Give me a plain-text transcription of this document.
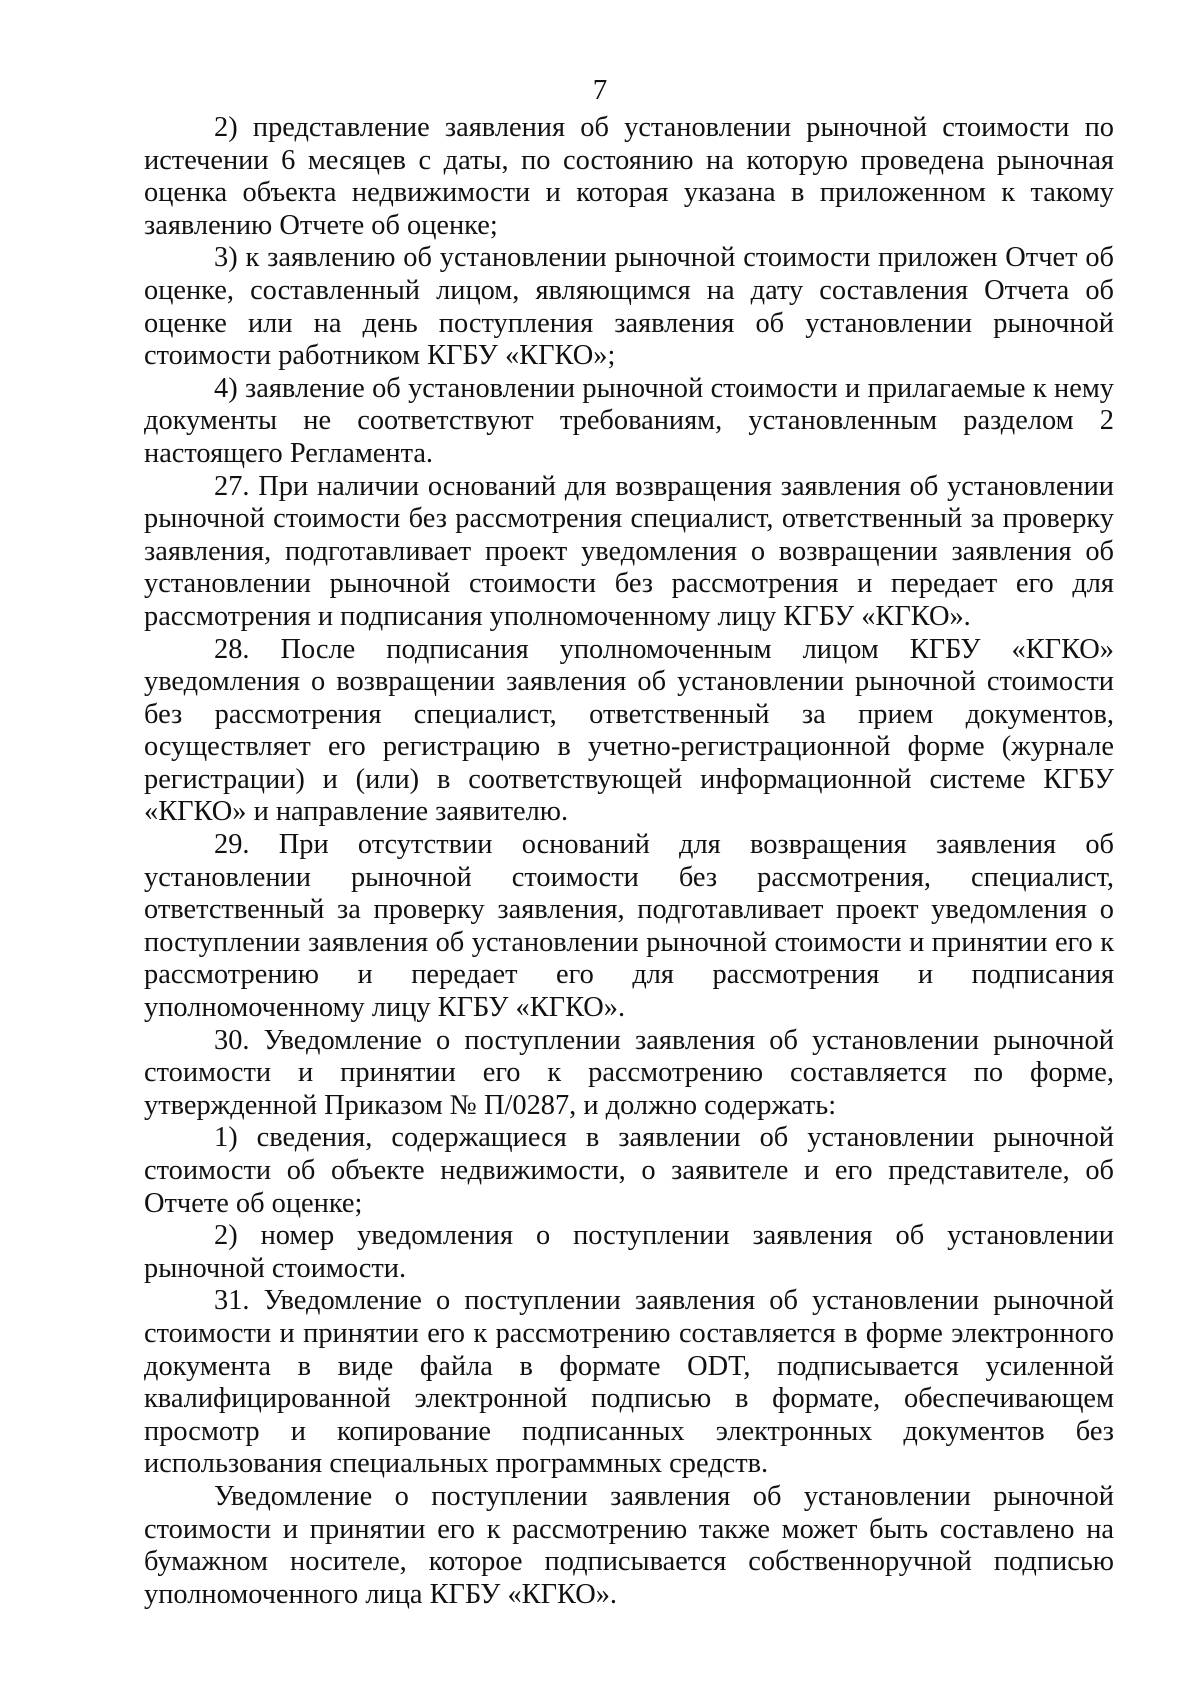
7

2) представление заявления об установлении рыночной стоимости по истечении 6 месяцев с даты, по состоянию на которую проведена рыночная оценка объекта недвижимости и которая указана в приложенном к такому заявлению Отчете об оценке;

3) к заявлению об установлении рыночной стоимости приложен Отчет об оценке, составленный лицом, являющимся на дату составления Отчета об оценке или на день поступления заявления об установлении рыночной стоимости работником КГБУ «КГКО»;

4) заявление об установлении рыночной стоимости и прилагаемые к нему документы не соответствуют требованиям, установленным разделом 2 настоящего Регламента.

27. При наличии оснований для возвращения заявления об установлении рыночной стоимости без рассмотрения специалист, ответственный за проверку заявления, подготавливает проект уведомления о возвращении заявления об установлении рыночной стоимости без рассмотрения и передает его для рассмотрения и подписания уполномоченному лицу КГБУ «КГКО».

28. После подписания уполномоченным лицом КГБУ «КГКО» уведомления о возвращении заявления об установлении рыночной стоимости без рассмотрения специалист, ответственный за прием документов, осуществляет его регистрацию в учетно-регистрационной форме (журнале регистрации) и (или) в соответствующей информационной системе КГБУ «КГКО» и направление заявителю.

29. При отсутствии оснований для возвращения заявления об установлении рыночной стоимости без рассмотрения, специалист, ответственный за проверку заявления, подготавливает проект уведомления о поступлении заявления об установлении рыночной стоимости и принятии его к рассмотрению и передает его для рассмотрения и подписания уполномоченному лицу КГБУ «КГКО».

30. Уведомление о поступлении заявления об установлении рыночной стоимости и принятии его к рассмотрению составляется по форме, утвержденной Приказом № П/0287, и должно содержать:

1) сведения, содержащиеся в заявлении об установлении рыночной стоимости об объекте недвижимости, о заявителе и его представителе, об Отчете об оценке;

2) номер уведомления о поступлении заявления об установлении рыночной стоимости.

31. Уведомление о поступлении заявления об установлении рыночной стоимости и принятии его к рассмотрению составляется в форме электронного документа в виде файла в формате ODT, подписывается усиленной квалифицированной электронной подписью в формате, обеспечивающем просмотр и копирование подписанных электронных документов без использования специальных программных средств.

Уведомление о поступлении заявления об установлении рыночной стоимости и принятии его к рассмотрению также может быть составлено на бумажном носителе, которое подписывается собственноручной подписью уполномоченного лица КГБУ «КГКО».
